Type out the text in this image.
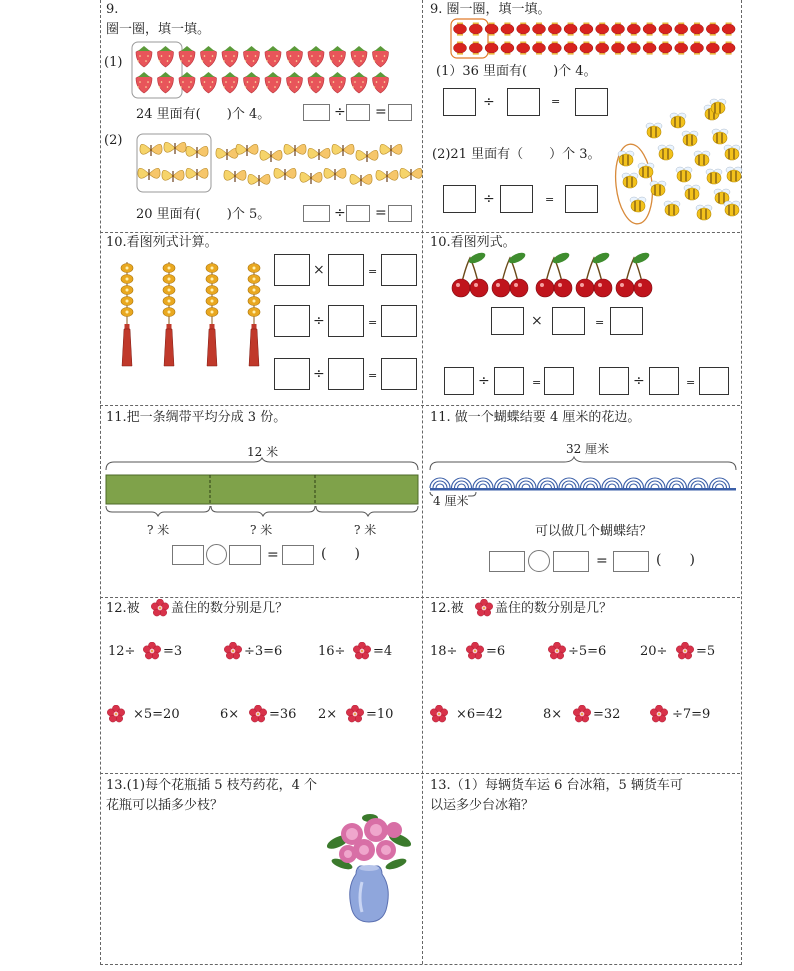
9.
圈一圈，填一填。
(1)
24 里面有(　　)个 4。	÷ =
(2)
20 里面有(　　)个 5。	÷ =
9. 圈一圈，填一填。
(1）36 里面有(　　)个 4。
÷	=
(2)21 里面有（　　）个 3。
÷	=
10.看图列式计算。
×	=
÷	=
÷	=
10.看图列式。
×	=
÷	=	÷	=
11.把一条绸带平均分成 3 份。
12 米
? 米	? 米	? 米
=	(　　)
11. 做一个蝴蝶结要 4 厘米的花边。
32 厘米
4 厘米
可以做几个蝴蝶结？
=	(　　)
12.被 盖住的数分别是几？
12÷ =3	÷3=6	16÷ =4
×5=20	6× =36 2× =10
12.被 盖住的数分别是几？
18÷ =6	÷5=6	20÷ =5
×6=42	8× =32	÷7=9
13.(1)每个花瓶插 5 枝芍药花，4 个
花瓶可以插多少枝？
13.（1）每辆货车运 6 台冰箱，5 辆货车可
以运多少台冰箱？
